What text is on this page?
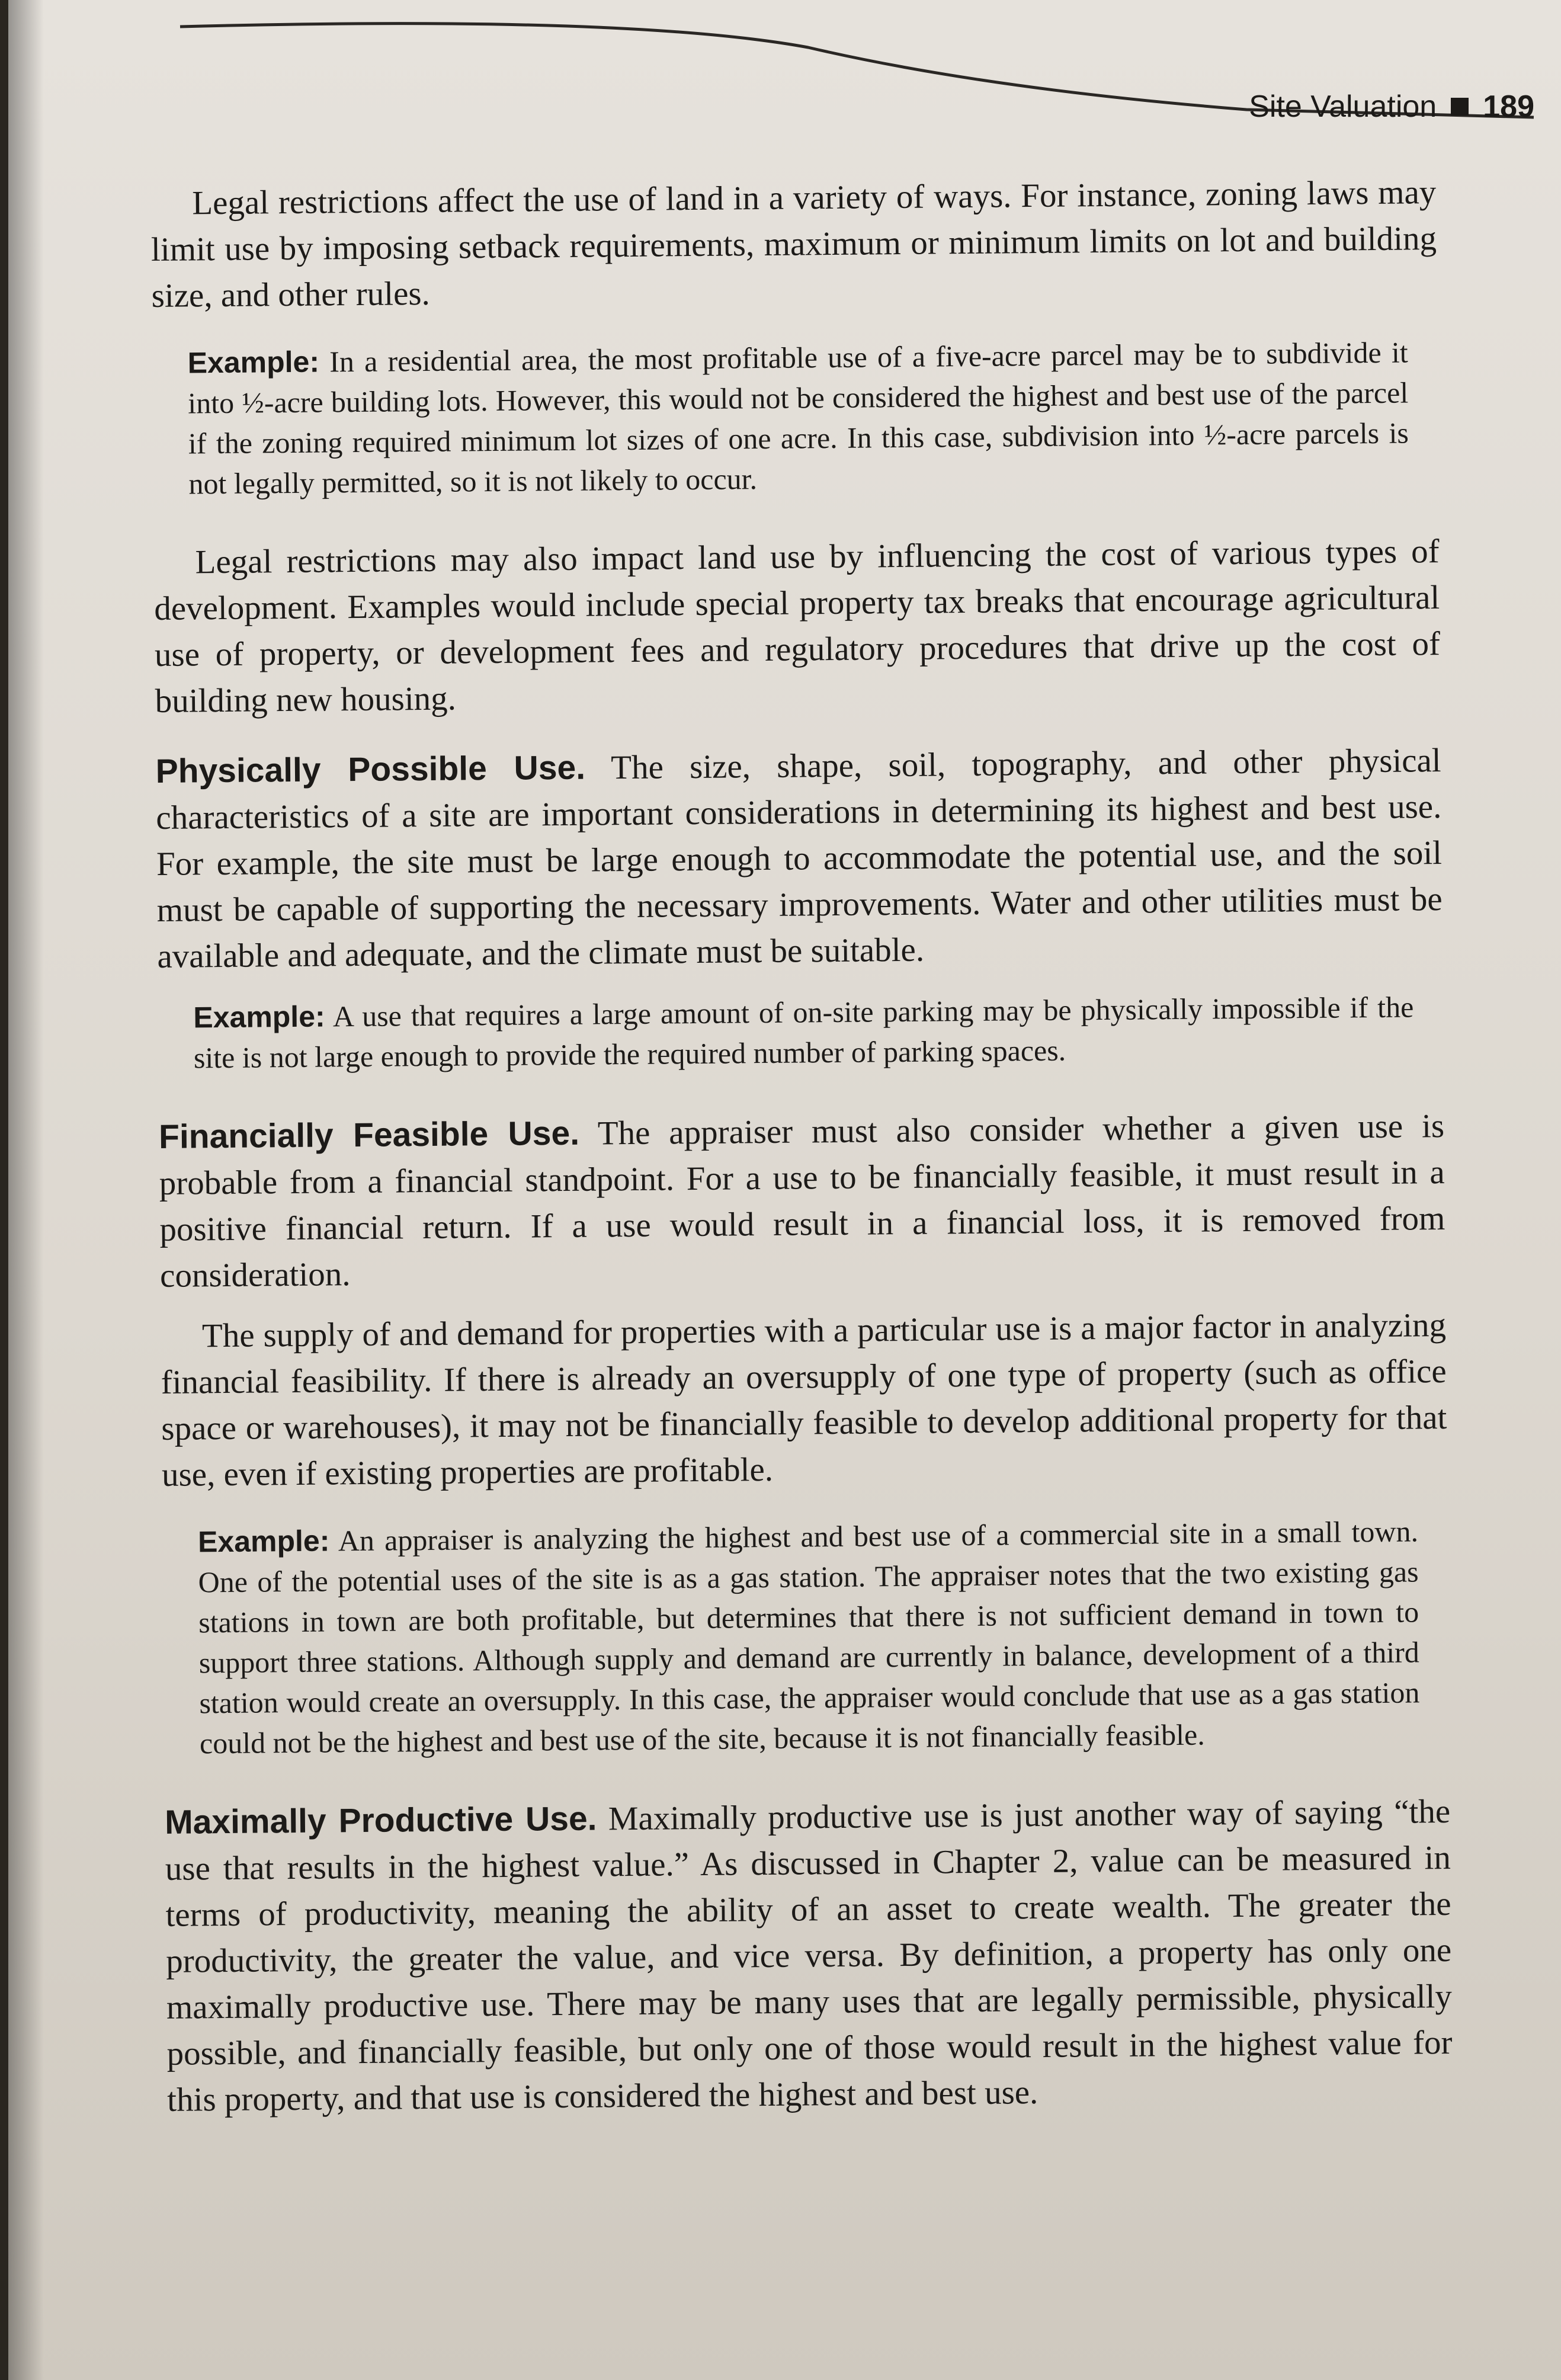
Site Valuation 189

Legal restrictions affect the use of land in a variety of ways. For instance, zoning laws may limit use by imposing setback requirements, maximum or minimum limits on lot and building size, and other rules.

Example: In a residential area, the most profitable use of a five-acre parcel may be to subdivide it into ½-acre building lots. However, this would not be considered the highest and best use of the parcel if the zoning required minimum lot sizes of one acre. In this case, subdivision into ½-acre parcels is not legally permitted, so it is not likely to occur.

Legal restrictions may also impact land use by influencing the cost of various types of development. Examples would include special property tax breaks that encourage agricultural use of property, or development fees and regulatory procedures that drive up the cost of building new housing.

Physically Possible Use. The size, shape, soil, topography, and other physical characteristics of a site are important considerations in determining its highest and best use. For example, the site must be large enough to accommodate the potential use, and the soil must be capable of supporting the necessary improvements. Water and other utilities must be available and adequate, and the climate must be suitable.

Example: A use that requires a large amount of on-site parking may be physically impossible if the site is not large enough to provide the required number of parking spaces.

Financially Feasible Use. The appraiser must also consider whether a given use is probable from a financial standpoint. For a use to be financially feasible, it must result in a positive financial return. If a use would result in a financial loss, it is removed from consideration.

The supply of and demand for properties with a particular use is a major factor in analyzing financial feasibility. If there is already an oversupply of one type of property (such as office space or warehouses), it may not be financially feasible to develop additional property for that use, even if existing properties are profitable.

Example: An appraiser is analyzing the highest and best use of a commercial site in a small town. One of the potential uses of the site is as a gas station. The appraiser notes that the two existing gas stations in town are both profitable, but determines that there is not sufficient demand in town to support three stations. Although supply and demand are currently in balance, development of a third station would create an oversupply. In this case, the appraiser would conclude that use as a gas station could not be the highest and best use of the site, because it is not financially feasible.

Maximally Productive Use. Maximally productive use is just another way of saying “the use that results in the highest value.” As discussed in Chapter 2, value can be measured in terms of productivity, meaning the ability of an asset to create wealth. The greater the productivity, the greater the value, and vice versa. By definition, a property has only one maximally productive use. There may be many uses that are legally permissible, physically possible, and financially feasible, but only one of those would result in the highest value for this property, and that use is considered the highest and best use.
